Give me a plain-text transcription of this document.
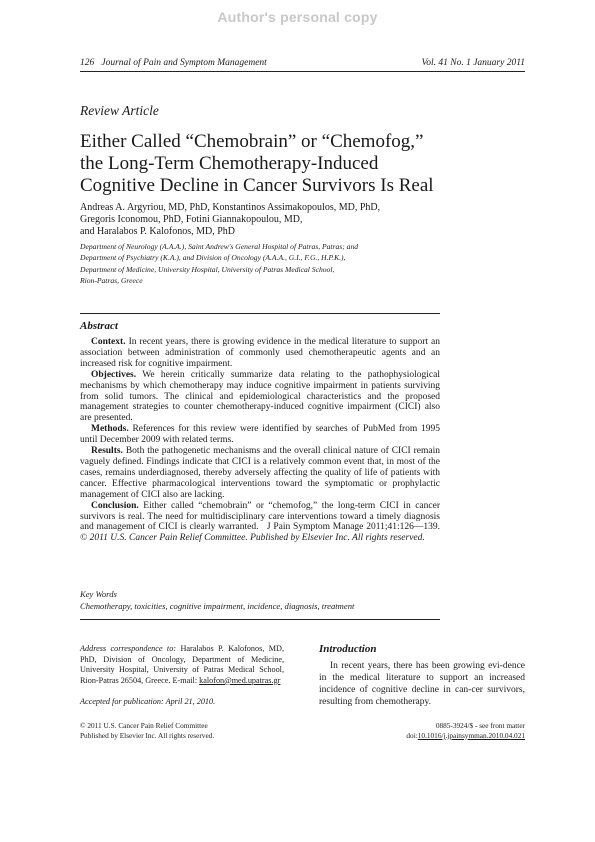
Author's personal copy
126   Journal of Pain and Symptom Management	Vol. 41 No. 1 January 2011
Review Article
Either Called “Chemobrain” or “Chemofog,”
the Long-Term Chemotherapy-Induced
Cognitive Decline in Cancer Survivors Is Real
Andreas A. Argyriou, MD, PhD, Konstantinos Assimakopoulos, MD, PhD,
Gregoris Iconomou, PhD, Fotini Giannakopoulou, MD,
and Haralabos P. Kalofonos, MD, PhD
Department of Neurology (A.A.A.), Saint Andrew's General Hospital of Patras, Patras; and
Department of Psychiatry (K.A.), and Division of Oncology (A.A.A., G.I., F.G., H.P.K.),
Department of Medicine, University Hospital, University of Patras Medical School,
Rion-Patras, Greece
Abstract

Context. In recent years, there is growing evidence in the medical literature to support an association between administration of commonly used chemotherapeutic agents and an increased risk for cognitive impairment.

Objectives. We herein critically summarize data relating to the pathophysiological mechanisms by which chemotherapy may induce cognitive impairment in patients surviving from solid tumors. The clinical and epidemiological characteristics and the proposed management strategies to counter chemotherapy-induced cognitive impairment (CICI) also are presented.

Methods. References for this review were identified by searches of PubMed from 1995 until December 2009 with related terms.

Results. Both the pathogenetic mechanisms and the overall clinical nature of CICI remain vaguely defined. Findings indicate that CICI is a relatively common event that, in most of the cases, remains underdiagnosed, thereby adversely affecting the quality of life of patients with cancer. Effective pharmacological interventions toward the symptomatic or prophylactic management of CICI also are lacking.

Conclusion. Either called “chemobrain” or “chemofog,” the long-term CICI in cancer survivors is real. The need for multidisciplinary care interventions toward a timely diagnosis and management of CICI is clearly warranted.   J Pain Symptom Manage 2011;41:126—139. © 2011 U.S. Cancer Pain Relief Committee. Published by Elsevier Inc. All rights reserved.

Key Words
Chemotherapy, toxicities, cognitive impairment, incidence, diagnosis, treatment

Address correspondence to: Haralabos P. Kalofonos, MD, PhD, Division of Oncology, Department of Medicine, University Hospital, University of Patras Medical School, Rion-Patras 26504, Greece. E-mail: kalofon@med.upatras.gr

Accepted for publication: April 21, 2010.
Introduction

In recent years, there has been growing evi-dence in the medical literature to support an increased incidence of cognitive decline in can-cer survivors, resulting from chemotherapy.

© 2011 U.S. Cancer Pain Relief Committee
Published by Elsevier Inc. All rights reserved.
0885-3924/$ - see front matter
doi:10.1016/j.jpainsymman.2010.04.021
